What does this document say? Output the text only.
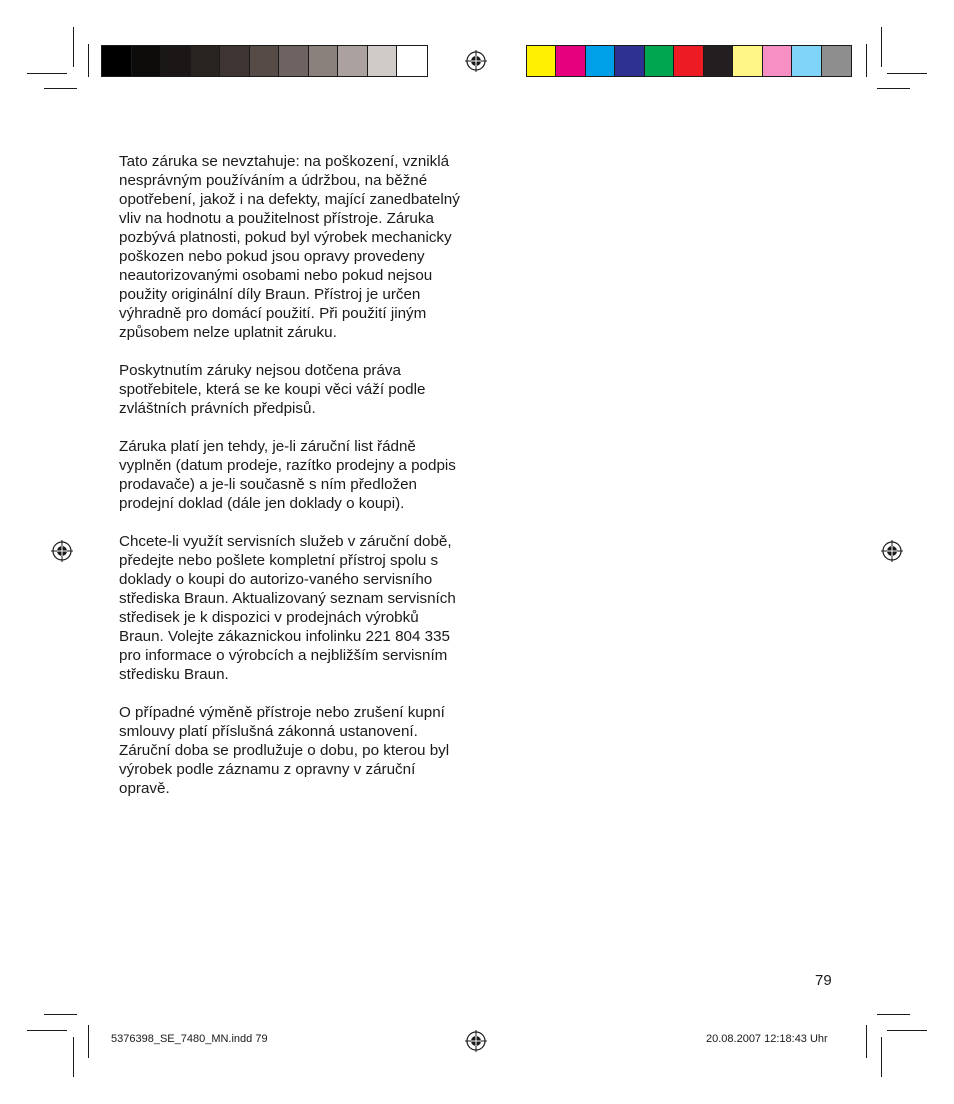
Tato záruka se nevztahuje: na poškození, vzniklá nesprávným používáním a údržbou, na běžné opotřebení, jakož i na defekty, mající zanedbatelný vliv na hodnotu a použitelnost přístroje. Záruka pozbývá platnosti, pokud byl výrobek mechanicky poškozen nebo pokud jsou opravy provedeny neautorizovanými osobami nebo pokud nejsou použity originální díly Braun. Přístroj je určen výhradně pro domácí použití. Při použití jiným způsobem nelze uplatnit záruku.

Poskytnutím záruky nejsou dotčena práva spotřebitele, která se ke koupi věci váží podle zvláštních právních předpisů.

Záruka platí jen tehdy, je-li záruční list řádně vyplněn (datum prodeje, razítko prodejny a podpis prodavače) a je-li současně s ním předložen prodejní doklad (dále jen doklady o koupi).

Chcete-li využít servisních služeb v záruční době, předejte nebo pošlete kompletní přístroj spolu s doklady o koupi do autorizo-vaného servisního střediska Braun. Aktualizovaný seznam servisních středisek je k dispozici v prodejnách výrobků Braun. Volejte zákaznickou infolinku 221 804 335 pro informace o výrobcích a nejbližším servisním středisku Braun.

O případné výměně přístroje nebo zrušení kupní smlouvy platí příslušná zákonná ustanovení. Záruční doba se prodlužuje o dobu, po kterou byl výrobek podle záznamu z opravny v záruční opravě.

79
5376398_SE_7480_MN.indd 79	20.08.2007 12:18:43 Uhr
